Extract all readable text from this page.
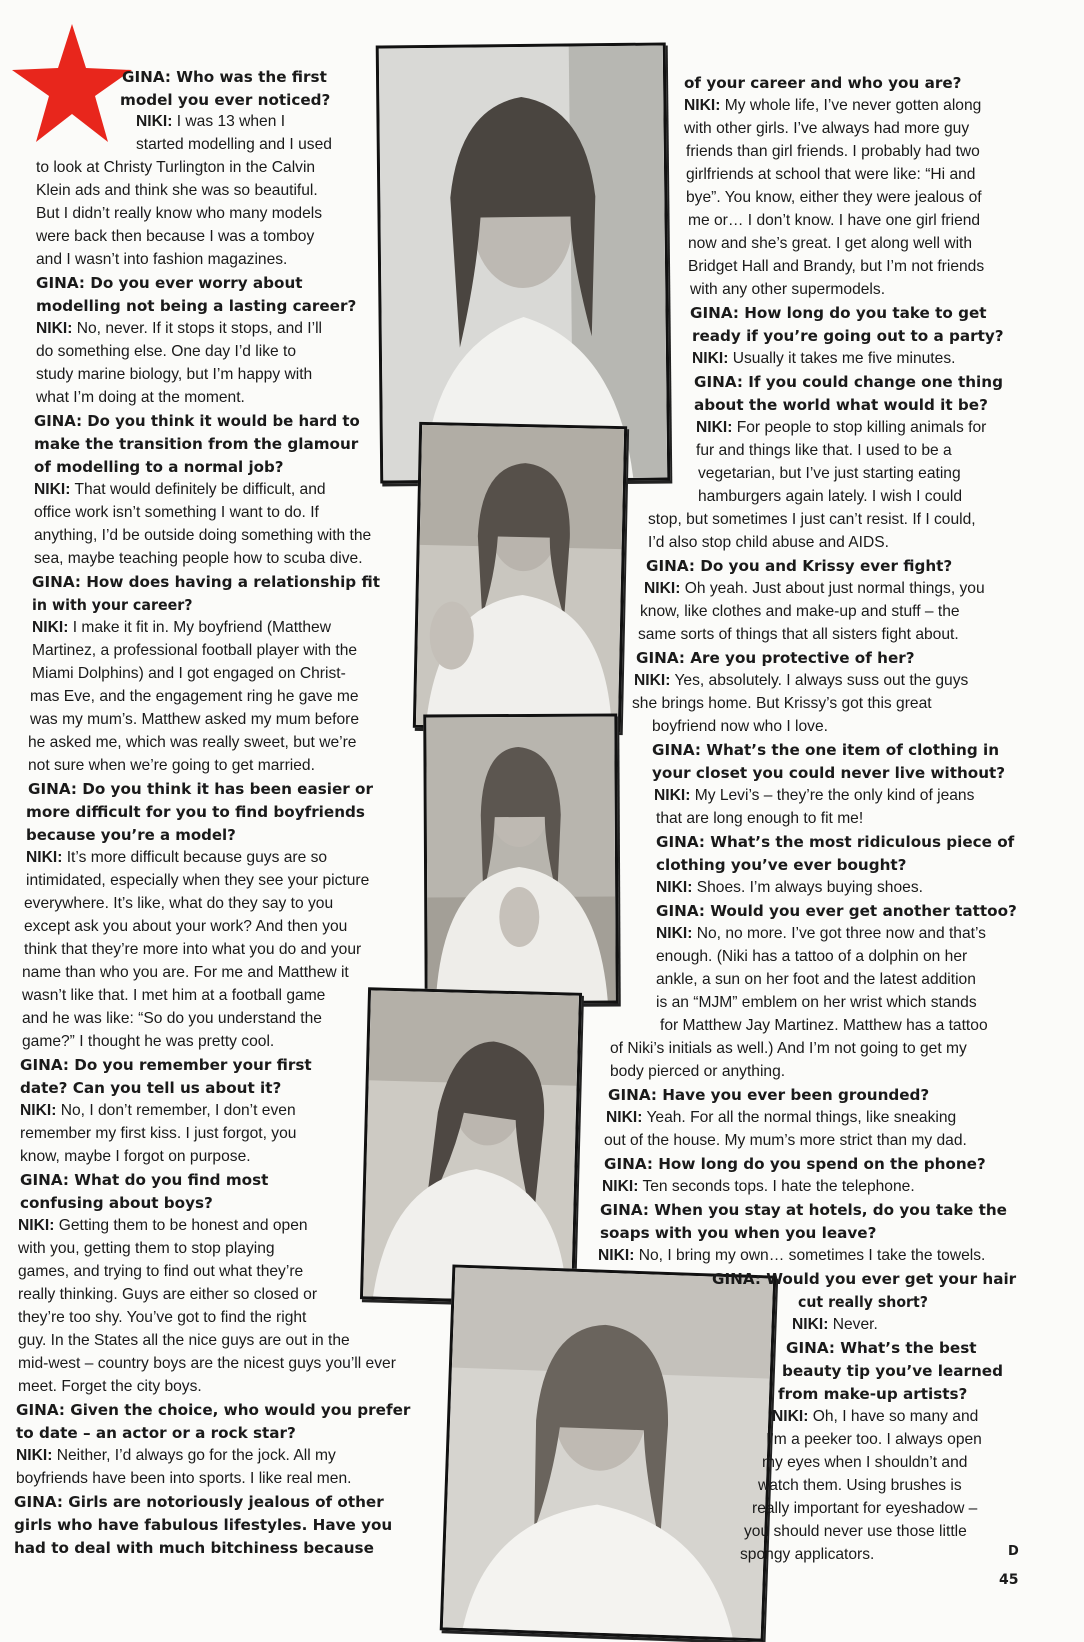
GINA: Who was the first
model you ever noticed?
NIKI: I was 13 when I
started modelling and I used
to look at Christy Turlington in the Calvin
Klein ads and think she was so beautiful.
But I didn’t really know who many models
were back then because I was a tomboy
and I wasn’t into fashion magazines.
GINA: Do you ever worry about
modelling not being a lasting career?
NIKI: No, never. If it stops it stops, and I’ll
do something else. One day I’d like to
study marine biology, but I’m happy with
what I’m doing at the moment.
GINA: Do you think it would be hard to
make the transition from the glamour
of modelling to a normal job?
NIKI: That would definitely be difficult, and
office work isn’t something I want to do. If
anything, I’d be outside doing something with the
sea, maybe teaching people how to scuba dive.
GINA: How does having a relationship fit
in with your career?
NIKI: I make it fit in. My boyfriend (Matthew
Martinez, a professional football player with the
Miami Dolphins) and I got engaged on Christ-
mas Eve, and the engagement ring he gave me
was my mum’s. Matthew asked my mum before
he asked me, which was really sweet, but we’re
not sure when we’re going to get married.
GINA: Do you think it has been easier or
more difficult for you to find boyfriends
because you’re a model?
NIKI: It’s more difficult because guys are so
intimidated, especially when they see your picture
everywhere. It’s like, what do they say to you
except ask you about your work? And then you
think that they’re more into what you do and your
name than who you are. For me and Matthew it
wasn’t like that. I met him at a football game
and he was like: “So do you understand the
game?” I thought he was pretty cool.
GINA: Do you remember your first
date? Can you tell us about it?
NIKI: No, I don’t remember, I don’t even
remember my first kiss. I just forgot, you
know, maybe I forgot on purpose.
GINA: What do you find most
confusing about boys?
NIKI: Getting them to be honest and open
with you, getting them to stop playing
games, and trying to find out what they’re
really thinking. Guys are either so closed or
they’re too shy. You’ve got to find the right
guy. In the States all the nice guys are out in the
mid-west – country boys are the nicest guys you’ll ever
meet. Forget the city boys.
GINA: Given the choice, who would you prefer
to date – an actor or a rock star?
NIKI: Neither, I’d always go for the jock. All my
boyfriends have been into sports. I like real men.
GINA: Girls are notoriously jealous of other
girls who have fabulous lifestyles. Have you
had to deal with much bitchiness because
of your career and who you are?
NIKI: My whole life, I’ve never gotten along
with other girls. I’ve always had more guy
friends than girl friends. I probably had two
girlfriends at school that were like: “Hi and
bye”. You know, either they were jealous of
me or… I don’t know. I have one girl friend
now and she’s great. I get along well with
Bridget Hall and Brandy, but I’m not friends
with any other supermodels.
GINA: How long do you take to get
ready if you’re going out to a party?
NIKI: Usually it takes me five minutes.
GINA: If you could change one thing
about the world what would it be?
NIKI: For people to stop killing animals for
fur and things like that. I used to be a
vegetarian, but I’ve just starting eating
hamburgers again lately. I wish I could
stop, but sometimes I just can’t resist. If I could,
I’d also stop child abuse and AIDS.
GINA: Do you and Krissy ever fight?
NIKI: Oh yeah. Just about just normal things, you
know, like clothes and make-up and stuff – the
same sorts of things that all sisters fight about.
GINA: Are you protective of her?
NIKI: Yes, absolutely. I always suss out the guys
she brings home. But Krissy’s got this great
boyfriend now who I love.
GINA: What’s the one item of clothing in
your closet you could never live without?
NIKI: My Levi’s – they’re the only kind of jeans
that are long enough to fit me!
GINA: What’s the most ridiculous piece of
clothing you’ve ever bought?
NIKI: Shoes. I’m always buying shoes.
GINA: Would you ever get another tattoo?
NIKI: No, no more. I’ve got three now and that’s
enough. (Niki has a tattoo of a dolphin on her
ankle, a sun on her foot and the latest addition
is an “MJM” emblem on her wrist which stands
for Matthew Jay Martinez. Matthew has a tattoo
of Niki’s initials as well.) And I’m not going to get my
body pierced or anything.
GINA: Have you ever been grounded?
NIKI: Yeah. For all the normal things, like sneaking
out of the house. My mum’s more strict than my dad.
GINA: How long do you spend on the phone?
NIKI: Ten seconds tops. I hate the telephone.
GINA: When you stay at hotels, do you take the
soaps with you when you leave?
NIKI: No, I bring my own… sometimes I take the towels.
GINA: Would you ever get your hair
cut really short?
NIKI: Never.
GINA: What’s the best
beauty tip you’ve learned
from make-up artists?
NIKI: Oh, I have so many and
I’m a peeker too. I always open
my eyes when I shouldn’t and
watch them. Using brushes is
really important for eyeshadow –
you should never use those little
spongy applicators.	D
45
